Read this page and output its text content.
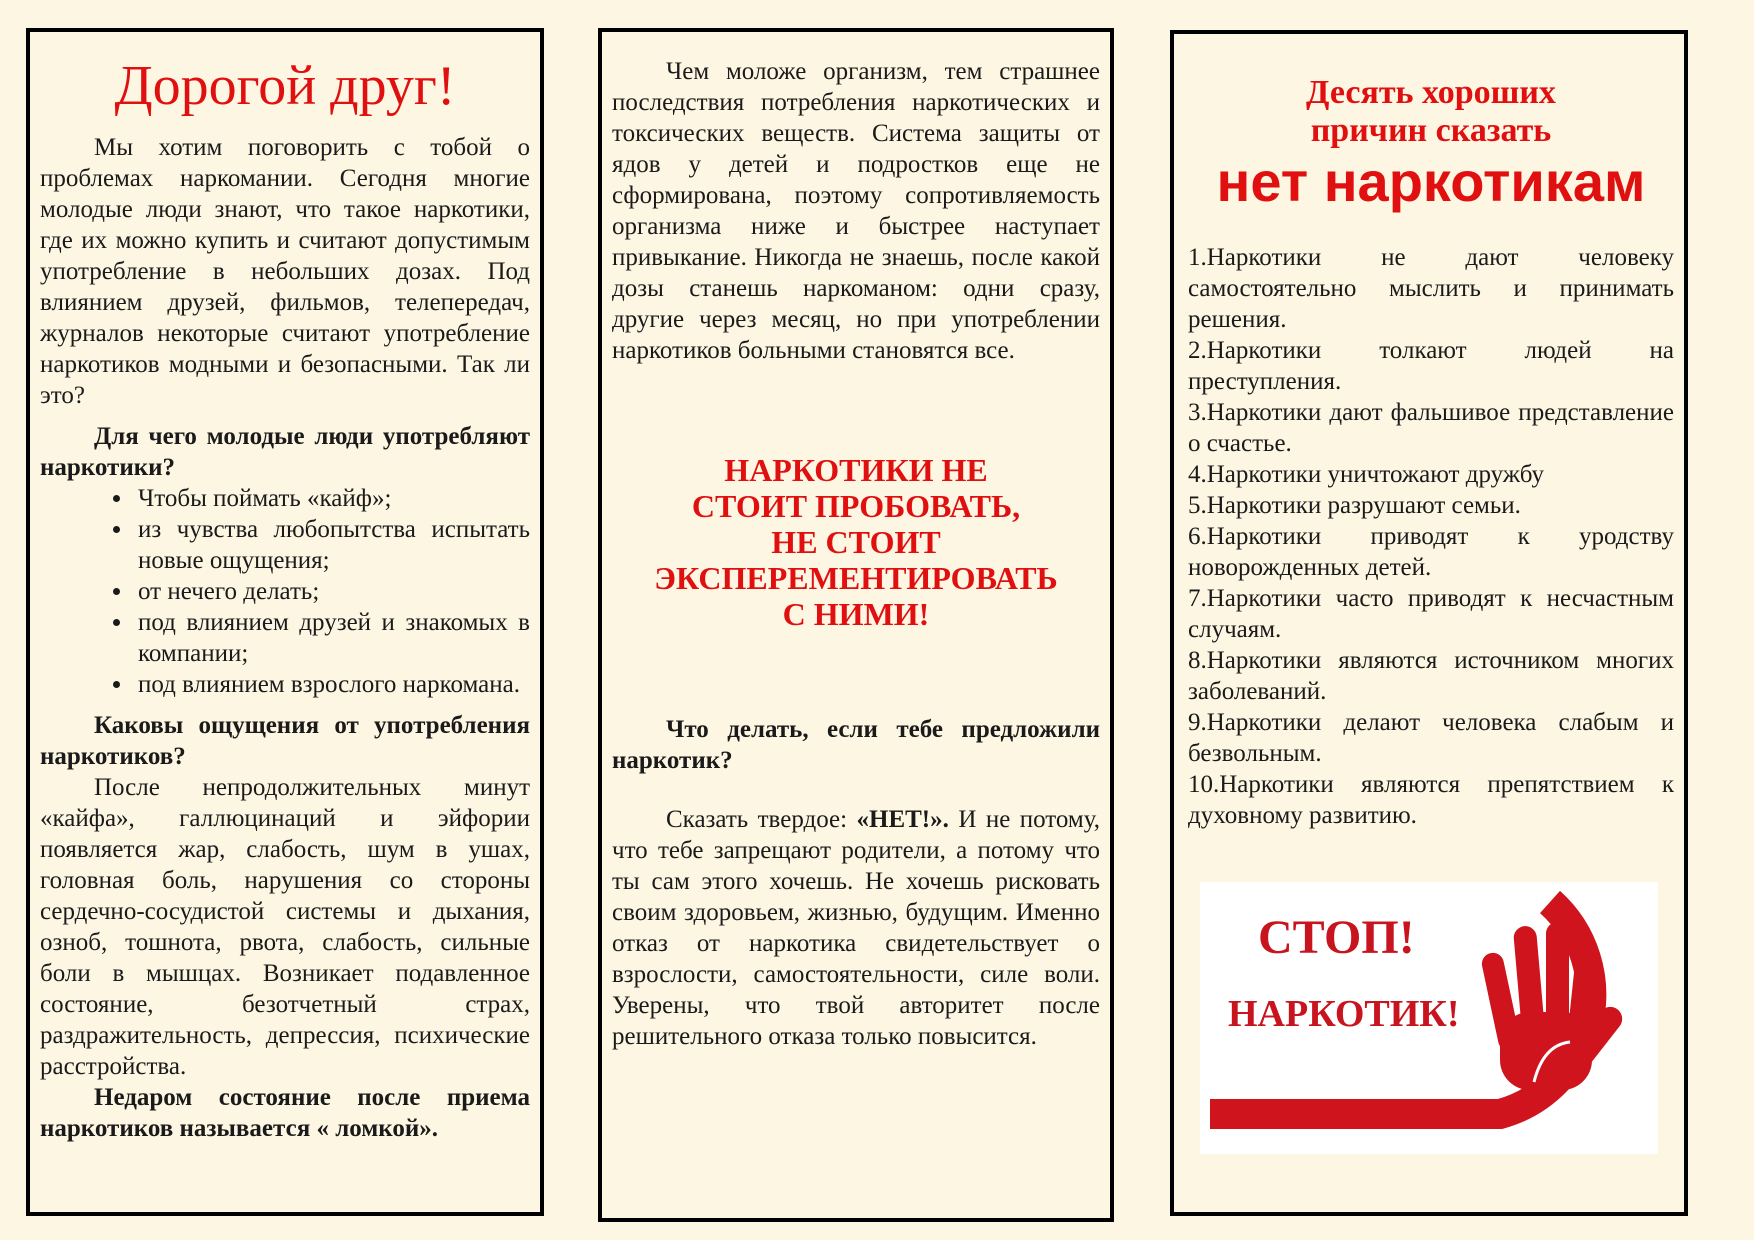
Дорогой друг!

Мы хотим поговорить с тобой о проблемах наркомании. Сегодня многие молодые люди знают, что такое наркотики, где их можно купить и считают допустимым употребление в небольших дозах. Под влиянием друзей, фильмов, телепередач, журналов некоторые считают употребление наркотиков модными и безопасными. Так ли это?

Для чего молодые люди употребляют наркотики?

• Чтобы поймать «кайф»;
• из чувства любопытства испытать новые ощущения;
• от нечего делать;
• под влиянием друзей и знакомых в компании;
• под влиянием взрослого наркомана.

Каковы ощущения от употребления наркотиков?

После непродолжительных минут «кайфа», галлюцинаций и эйфории появляется жар, слабость, шум в ушах, головная боль, нарушения со стороны сердечно-сосудистой системы и дыхания, озноб, тошнота, рвота, слабость, сильные боли в мышцах. Возникает подавленное состояние, безотчетный страх, раздражительность, депрессия, психические расстройства.

Недаром состояние после приема наркотиков называется « ломкой».

Чем моложе организм, тем страшнее последствия потребления наркотических и токсических веществ. Система защиты от ядов у детей и подростков еще не сформирована, поэтому сопротивляемость организма ниже и быстрее наступает привыкание. Никогда не знаешь, после какой дозы станешь наркоманом: одни сразу, другие через месяц, но при употреблении наркотиков больными становятся все.

НАРКОТИКИ НЕ
СТОИТ ПРОБОВАТЬ,
НЕ СТОИТ
ЭКСПЕРЕМЕНТИРОВАТЬ
С НИМИ!

Что делать, если тебе предложили наркотик?

Сказать твердое: «НЕТ!». И не потому, что тебе запрещают родители, а потому что ты сам этого хочешь. Не хочешь рисковать своим здоровьем, жизнью, будущим. Именно отказ от наркотика свидетельствует о взрослости, самостоятельности, силе воли. Уверены, что твой авторитет после решительного отказа только повысится.

Десять хороших

причин сказать

нет наркотикам

1.Наркотики не дают человеку самостоятельно мыслить и принимать решения.

2.Наркотики толкают людей на преступления.

3.Наркотики дают фальшивое представление о счастье.

4.Наркотики уничтожают дружбу

5.Наркотики разрушают семьи.

6.Наркотики приводят к уродству новорожденных детей.

7.Наркотики часто приводят к несчастным случаям.

8.Наркотики являются источником многих заболеваний.

9.Наркотики делают человека слабым и безвольным.

10.Наркотики являются препятствием к духовному развитию.

СТОП!
НАРКОТИК!
